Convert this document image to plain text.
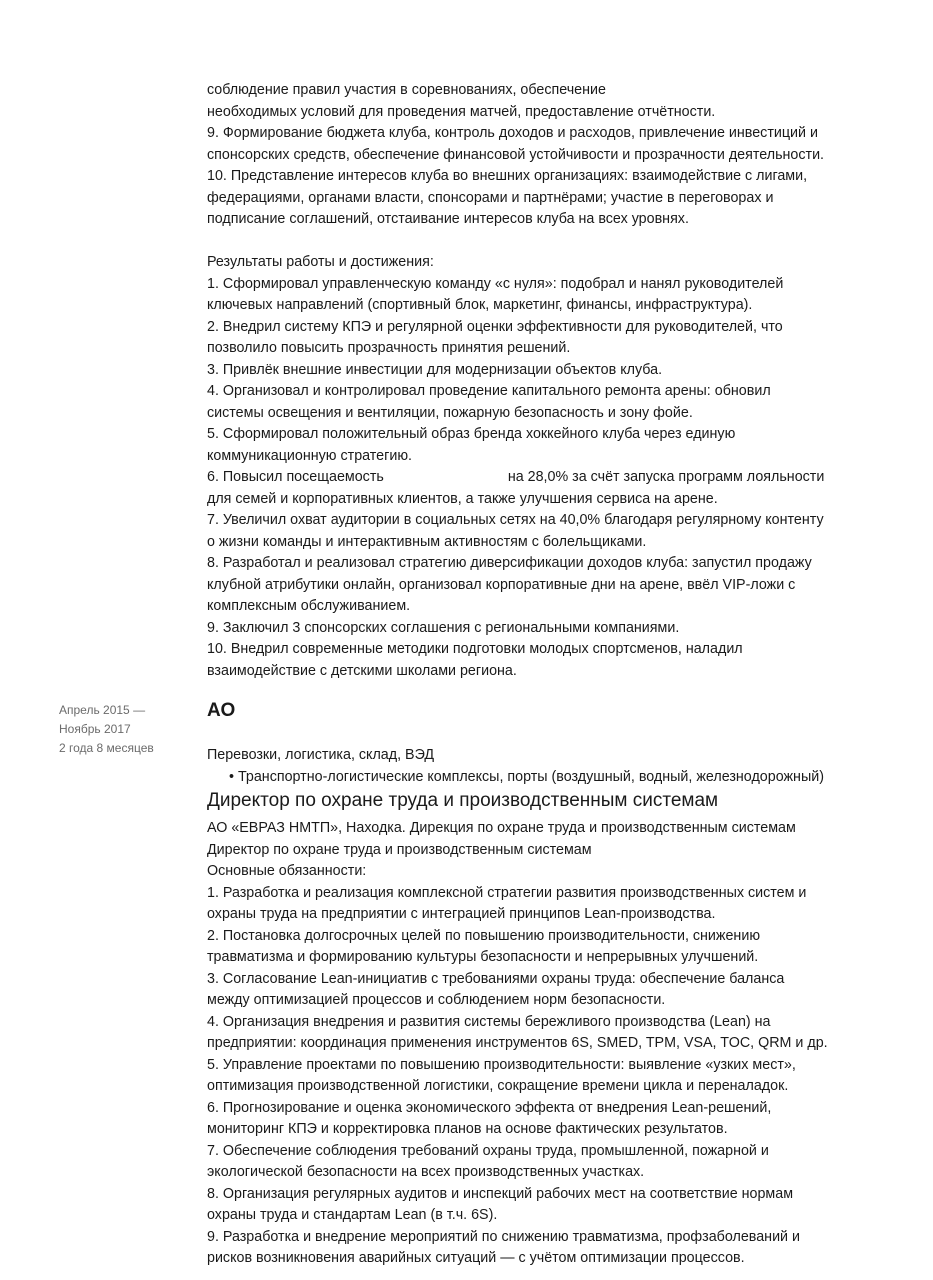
соблюдение правил участия в соревнованиях, обеспечение

необходимых условий для проведения матчей, предоставление отчётности.

9. Формирование бюджета клуба, контроль доходов и расходов, привлечение инвестиций и

спонсорских средств, обеспечение финансовой устойчивости и прозрачности деятельности.

10. Представление интересов клуба во внешних организациях: взаимодействие с лигами,

федерациями, органами власти, спонсорами и партнёрами; участие в переговорах и

подписание соглашений, отстаивание интересов клуба на всех уровнях.

Результаты работы и достижения:

1. Сформировал управленческую команду «с нуля»: подобрал и нанял руководителей

ключевых направлений (спортивный блок, маркетинг, финансы, инфраструктура).

2. Внедрил систему КПЭ и регулярной оценки эффективности для руководителей, что

позволило повысить прозрачность принятия решений.

3. Привлёк внешние инвестиции для модернизации объектов клуба.

4. Организовал и контролировал проведение капитального ремонта арены: обновил

системы освещения и вентиляции, пожарную безопасность и зону фойе.

5. Сформировал положительный образ бренда хоккейного клуба через единую

коммуникационную стратегию.

6. Повысил посещаемость	на 28,0% за счёт запуска программ лояльности

для семей и корпоративных клиентов, а также улучшения сервиса на арене.

7. Увеличил охват аудитории в социальных сетях на 40,0% благодаря регулярному контенту

о жизни команды и интерактивным активностям с болельщиками.

8. Разработал и реализовал стратегию диверсификации доходов клуба: запустил продажу

клубной атрибутики онлайн, организовал корпоративные дни на арене, ввёл VIP-ложи с

комплексным обслуживанием.

9. Заключил 3 спонсорских соглашения с региональными компаниями.

10. Внедрил современные методики подготовки молодых спортсменов, наладил

взаимодействие с детскими школами региона.

Апрель 2015 —
Ноябрь 2017
2 года 8 месяцев

АО

Перевозки, логистика, склад, ВЭД

• Транспортно-логистические комплексы, порты (воздушный, водный, железнодорожный)

Директор по охране труда и производственным системам

АО «ЕВРАЗ НМТП», Находка. Дирекция по охране труда и производственным системам

Директор по охране труда и производственным системам

Основные обязанности:

1. Разработка и реализация комплексной стратегии развития производственных систем и

охраны труда на предприятии с интеграцией принципов Lean-производства.

2. Постановка долгосрочных целей по повышению производительности, снижению

травматизма и формированию культуры безопасности и непрерывных улучшений.

3. Согласование Lean-инициатив с требованиями охраны труда: обеспечение баланса

между оптимизацией процессов и соблюдением норм безопасности.

4. Организация внедрения и развития системы бережливого производства (Lean) на

предприятии: координация применения инструментов 6S, SMED, TPM, VSA, TOC, QRM и др.

5. Управление проектами по повышению производительности: выявление «узких мест»,

оптимизация производственной логистики, сокращение времени цикла и переналадок.

6. Прогнозирование и оценка экономического эффекта от внедрения Lean-решений,

мониторинг КПЭ и корректировка планов на основе фактических результатов.

7. Обеспечение соблюдения требований охраны труда, промышленной, пожарной и

экологической безопасности на всех производственных участках.

8. Организация регулярных аудитов и инспекций рабочих мест на соответствие нормам

охраны труда и стандартам Lean (в т.ч. 6S).

9. Разработка и внедрение мероприятий по снижению травматизма, профзаболеваний и

рисков возникновения аварийных ситуаций — с учётом оптимизации процессов.
